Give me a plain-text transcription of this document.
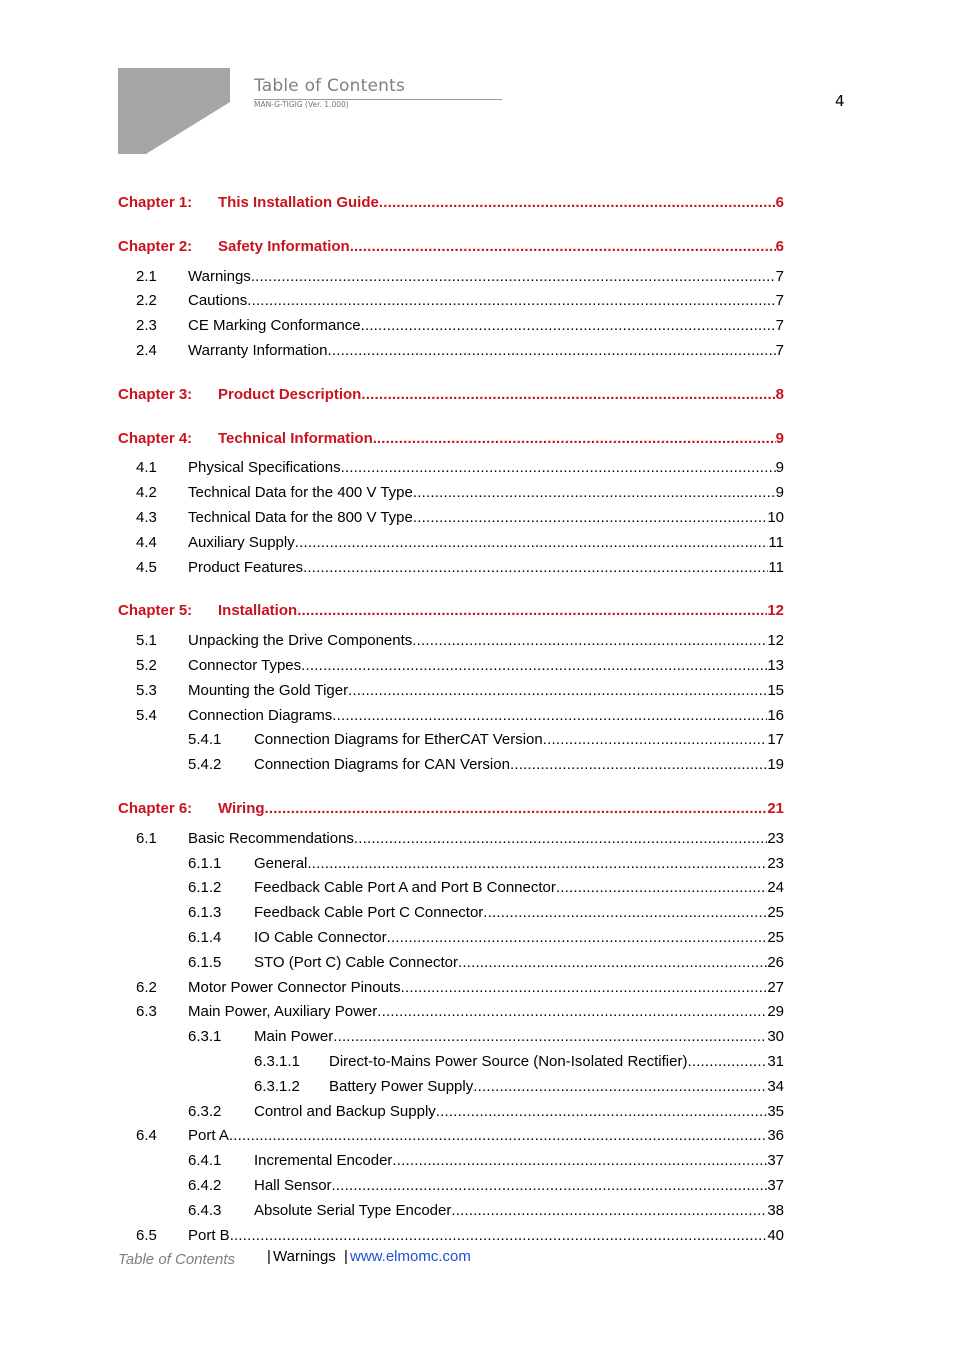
Table of Contents
MAN-G-TIGIG (Ver. 1.000)	4
Chapter 1:	This Installation Guide .....	6
Chapter 2:	Safety Information .....	6
2.1	Warnings .....	7
2.2	Cautions .....	7
2.3	CE Marking Conformance .....	7
2.4	Warranty Information .....	7
Chapter 3:	Product Description .....	8
Chapter 4:	Technical Information. .....	9
4.1	Physical Specifications .....	9
4.2	Technical Data for the 400 V Type .....	9
4.3	Technical Data for the 800 V Type .....	10
4.4	Auxiliary Supply .....	11
4.5	Product Features .....	11
Chapter 5:	Installation .....	12
5.1	Unpacking the Drive Components .....	12
5.2	Connector Types .....	13
5.3	Mounting the Gold Tiger .....	15
5.4	Connection Diagrams .....	16
5.4.1	Connection Diagrams for EtherCAT Version .....	17
5.4.2	Connection Diagrams for CAN Version .....	19
Chapter 6:	Wiring .....	21
6.1	Basic Recommendations .....	23
6.1.1	General .....	23
6.1.2	Feedback Cable Port A and Port B Connector .....	24
6.1.3	Feedback Cable Port C Connector .....	25
6.1.4	IO Cable Connector .....	25
6.1.5	STO (Port C) Cable Connector .....	26
6.2	Motor Power Connector Pinouts .....	27
6.3	Main Power, Auxiliary Power .....	29
6.3.1	Main Power .....	30
6.3.1.1	Direct-to-Mains Power Source (Non-Isolated Rectifier) .....	31
6.3.1.2	Battery Power Supply .....	34
6.3.2	Control and Backup Supply .....	35
6.4	Port A .....	36
6.4.1	Incremental Encoder .....	37
6.4.2	Hall Sensor .....	37
6.4.3	Absolute Serial Type Encoder .....	38
6.5	Port B .....	40
Table of Contents | Warnings | www.elmomc.com
